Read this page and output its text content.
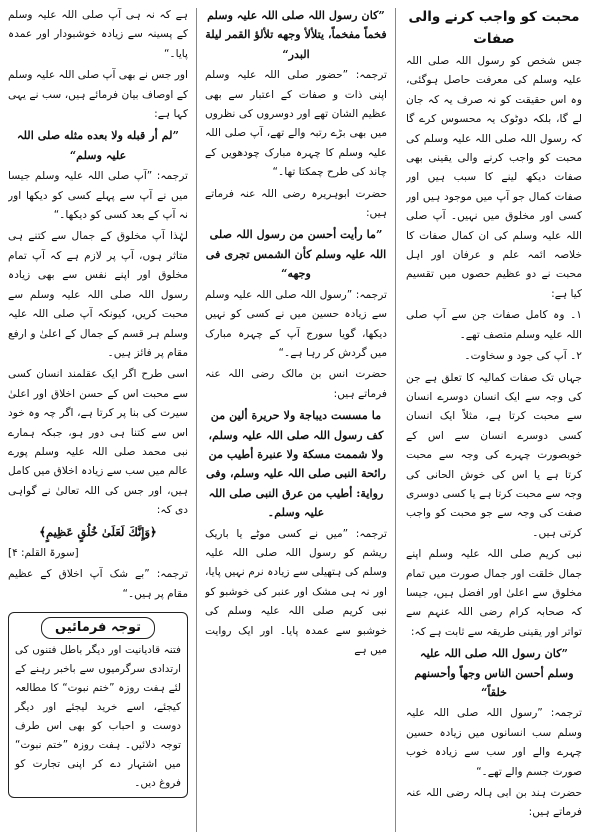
محبت کو واجب کرنے والی صفات

جس شخص کو رسول اللہ صلی اللہ علیہ وسلم کی معرفت حاصل ہوگئی، وہ اس حقیقت کو نہ صرف یہ کہ جان لے گا، بلکہ دوٹوک یہ محسوس کرے گا کہ رسول اللہ صلی اللہ علیہ وسلم کی محبت کو واجب کرنے والی یقینی بھی صفات دیکھ لینے کا سبب ہیں اور صفات کمال جو آپ میں موجود ہیں اور کسی اور مخلوق میں نہیں۔ آپ صلی اللہ علیہ وسلم کی ان کمال صفات کا خلاصہ ائمہ علم و عرفان اور اہل محبت نے دو عظیم حصوں میں تقسیم کیا ہے:

۱۔ وہ کامل صفات جن سے آپ صلی اللہ علیہ وسلم متصف تھے۔

۲۔ آپ کی جود و سخاوت۔

جہاں تک صفات کمالیہ کا تعلق ہے جن کی وجہ سے ایک انسان دوسرے انسان سے محبت کرتا ہے، مثلاً ایک انسان کسی دوسرے انسان سے اس کے خوبصورت چہرے کی وجہ سے محبت کرتا ہے یا اس کی خوش الحانی کی وجہ سے محبت کرتا ہے یا کسی دوسری صفت کی وجہ سے جو محبت کو واجب کرتی ہیں۔

نبی کریم صلی اللہ علیہ وسلم اپنے جمال خلقت اور جمال صورت میں تمام مخلوق سے اعلیٰ اور افضل ہیں، جیسا کہ صحابہ کرام رضی اللہ عنہم سے تواتر اور یقینی طریقہ سے ثابت ہے کہ:

”کان رسول اللہ صلی اللہ علیہ وسلم أحسن الناس وجهاً وأحسنهم خلقاً“

ترجمہ: ”رسول اللہ صلی اللہ علیہ وسلم سب انسانوں میں زیادہ حسین چہرے والے اور سب سے زیادہ خوب صورت جسم والے تھے۔“

حضرت ہند بن ابی ہالہ رضی اللہ عنہ فرماتے ہیں:

”کان رسول اللہ صلی اللہ علیہ وسلم فخماً مفخماً، یتلألأ وجهه تلألؤ القمر لیلة البدر“

ترجمہ: ”حضور صلی اللہ علیہ وسلم اپنی ذات و صفات کے اعتبار سے بھی عظیم الشان تھے اور دوسروں کی نظروں میں بھی بڑے رتبہ والے تھے، آپ صلی اللہ علیہ وسلم کا چہرہ مبارک چودھویں کے چاند کی طرح چمکتا تھا۔“

حضرت ابوہریرہ رضی اللہ عنہ فرماتے ہیں:

”ما رأیت أحسن من رسول اللہ صلی اللہ علیہ وسلم کأن الشمس تجری فی وجهه“

ترجمہ: ”رسول اللہ صلی اللہ علیہ وسلم سے زیادہ حسین میں نے کسی کو نہیں دیکھا، گویا سورج آپ کے چہرہ مبارک میں گردش کر رہا ہے۔“

حضرت انس بن مالک رضی اللہ عنہ فرماتے ہیں:

ما مسست دیباجة ولا حریرة ألین من کف رسول اللہ صلی اللہ علیہ وسلم، ولا شممت مسکة ولا عنبرة أطیب من رائحة النبی صلی اللہ علیہ وسلم، وفی روایة: أطیب من عرق النبی صلی اللہ علیہ وسلم۔

ترجمہ: ”میں نے کسی موٹے یا باریک ریشم کو رسول اللہ صلی اللہ علیہ وسلم کی ہتھیلی سے زیادہ نرم نہیں پایا، اور نہ ہی مشک اور عنبر کی خوشبو کو نبی کریم صلی اللہ علیہ وسلم کی خوشبو سے عمدہ پایا۔ اور ایک روایت میں ہے

ہے کہ نہ ہی آپ صلی اللہ علیہ وسلم کے پسینہ سے زیادہ خوشبودار اور عمدہ پایا۔“

اور جس نے بھی آپ صلی اللہ علیہ وسلم کے اوصاف بیان فرمائے ہیں، سب نے یہی کہا ہے:

”لم أر قبله ولا بعده مثله صلی اللہ علیہ وسلم“

ترجمہ: ”آپ صلی اللہ علیہ وسلم جیسا میں نے آپ سے پہلے کسی کو دیکھا اور نہ آپ کے بعد کسی کو دیکھا۔“

لہٰذا آپ مخلوق کے جمال سے کتنے ہی متاثر ہوں، آپ پر لازم ہے کہ آپ تمام مخلوق اور اپنے نفس سے بھی زیادہ رسول اللہ صلی اللہ علیہ وسلم سے محبت کریں، کیونکہ آپ صلی اللہ علیہ وسلم ہر قسم کے جمال کے اعلیٰ و ارفع مقام پر فائز ہیں۔

اسی طرح اگر ایک عقلمند انسان کسی سے محبت اس کے حسن اخلاق اور اعلیٰ سیرت کی بنا پر کرتا ہے، اگر چہ وہ خود اس سے کتنا ہی دور ہو، جبکہ ہمارے نبی محمد صلی اللہ علیہ وسلم پورے عالم میں سب سے زیادہ اخلاق میں کامل ہیں، اور جس کی اللہ تعالیٰ نے گواہی دی کہ:

﴿وَإِنَّكَ لَعَلَىٰ خُلُقٍ عَظِيمٍ﴾

[سورۃ القلم: ۴]

ترجمہ: ”بے شک آپ اخلاق کے عظیم مقام پر ہیں۔“

توجہ فرمائیں
فتنہ قادیانیت اور دیگر باطل فتنوں کی ارتدادی سرگرمیوں سے باخبر رہنے کے لئے ہفت روزہ ”ختم نبوت“ کا مطالعہ کیجئے، اسے خرید لیجئے اور دیگر دوست و احباب کو بھی اس طرف توجہ دلائیں۔ ہفت روزہ ”ختم نبوت“ میں اشتہار دے کر اپنی تجارت کو فروغ دیں۔
